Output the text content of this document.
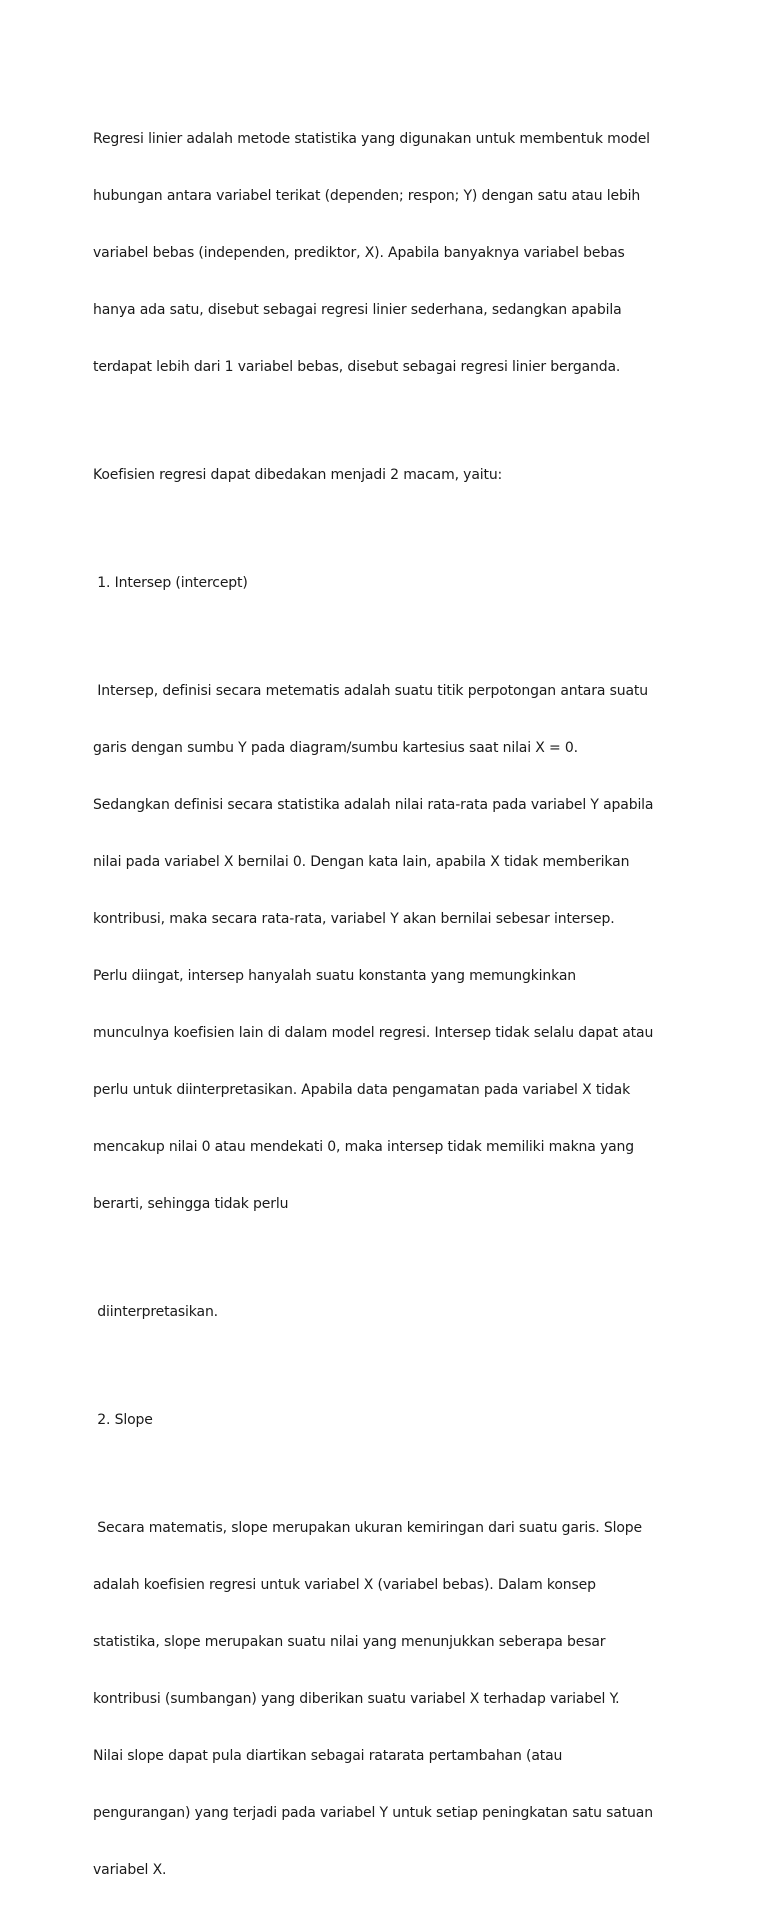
Regresi linier adalah metode statistika yang digunakan untuk membentuk model

hubungan antara variabel terikat (dependen; respon; Y) dengan satu atau lebih

variabel bebas (independen, prediktor, X). Apabila banyaknya variabel bebas

hanya ada satu, disebut sebagai regresi linier sederhana, sedangkan apabila

terdapat lebih dari 1 variabel bebas, disebut sebagai regresi linier berganda.

Koefisien regresi dapat dibedakan menjadi 2 macam, yaitu:

1. Intersep (intercept)

Intersep, definisi secara metematis adalah suatu titik perpotongan antara suatu

garis dengan sumbu Y pada diagram/sumbu kartesius saat nilai X = 0.

Sedangkan definisi secara statistika adalah nilai rata-rata pada variabel Y apabila

nilai pada variabel X bernilai 0. Dengan kata lain, apabila X tidak memberikan

kontribusi, maka secara rata-rata, variabel Y akan bernilai sebesar intersep.

Perlu diingat, intersep hanyalah suatu konstanta yang memungkinkan

munculnya koefisien lain di dalam model regresi. Intersep tidak selalu dapat atau

perlu untuk diinterpretasikan. Apabila data pengamatan pada variabel X tidak

mencakup nilai 0 atau mendekati 0, maka intersep tidak memiliki makna yang

berarti, sehingga tidak perlu

diinterpretasikan.

2. Slope

Secara matematis, slope merupakan ukuran kemiringan dari suatu garis. Slope

adalah koefisien regresi untuk variabel X (variabel bebas). Dalam konsep

statistika, slope merupakan suatu nilai yang menunjukkan seberapa besar

kontribusi (sumbangan) yang diberikan suatu variabel X terhadap variabel Y.

Nilai slope dapat pula diartikan sebagai ratarata pertambahan (atau

pengurangan) yang terjadi pada variabel Y untuk setiap peningkatan satu satuan

variabel X.
